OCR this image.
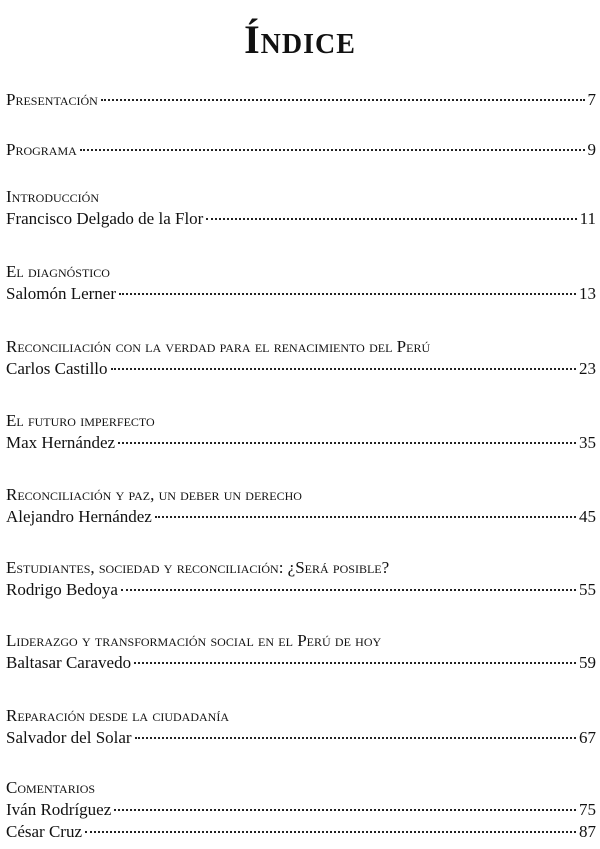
Índice
Presentación	7
Programa	9
Introducción
Francisco Delgado de la Flor	11
El diagnóstico
Salomón Lerner	13
Reconciliación con la verdad para el renacimiento del Perú
Carlos Castillo	23
El futuro imperfecto
Max Hernández	35
Reconciliación y paz, un deber un derecho
Alejandro Hernández	45
Estudiantes, sociedad y reconciliación: ¿Será posible?
Rodrigo Bedoya	55
Liderazgo y transformación social en el Perú de hoy
Baltasar Caravedo	59
Reparación desde la ciudadanía
Salvador del Solar	67
Comentarios
Iván Rodríguez	75
César Cruz	87
